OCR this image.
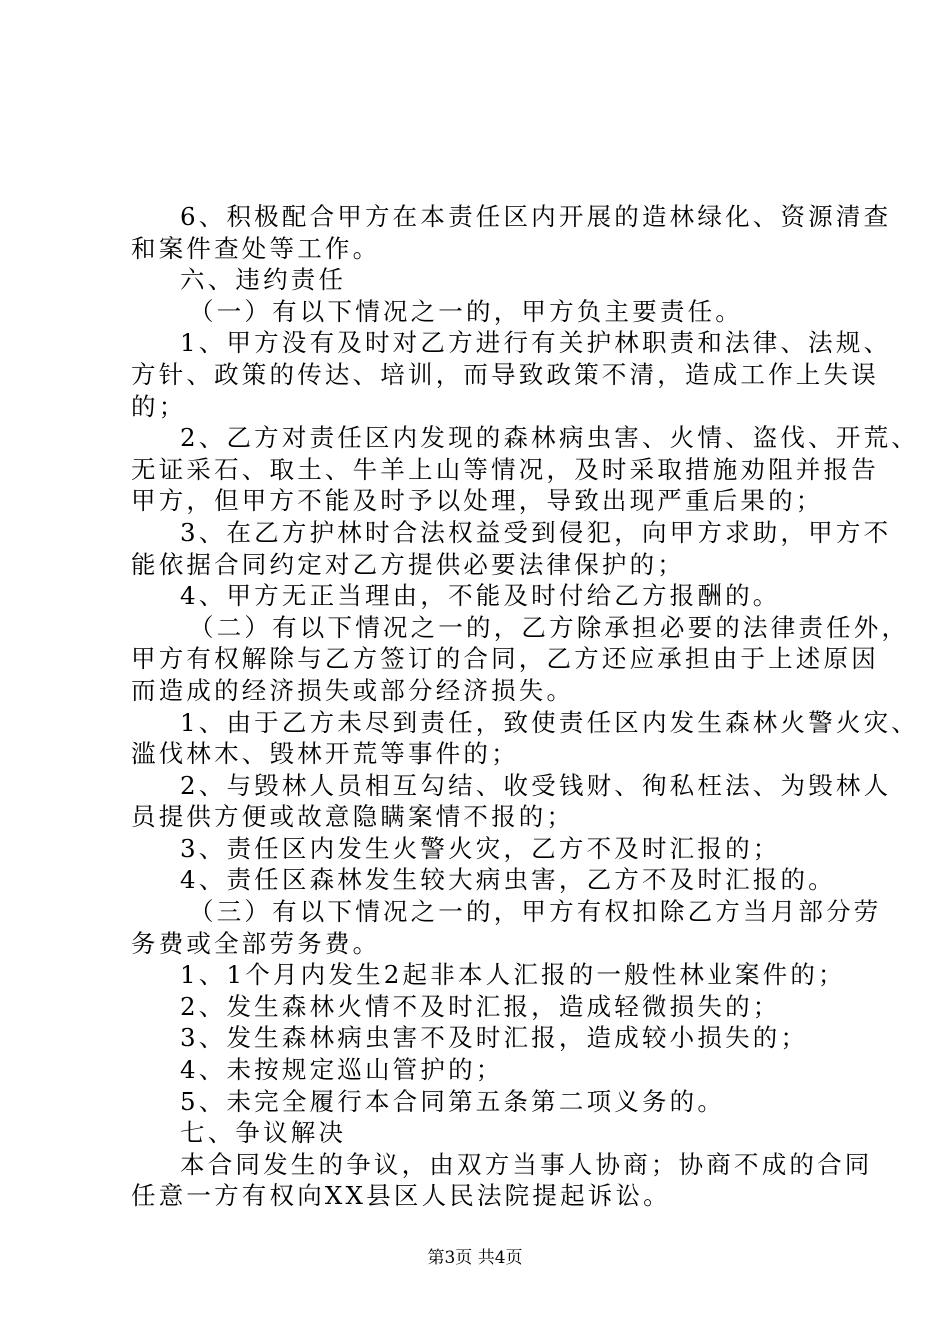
6、积极配合甲方在本责任区内开展的造林绿化、资源清查

和案件查处等工作。

六、违约责任

（一）有以下情况之一的，甲方负主要责任。

1、甲方没有及时对乙方进行有关护林职责和法律、法规、

方针、政策的传达、培训，而导致政策不清，造成工作上失误

的；

2、乙方对责任区内发现的森林病虫害、火情、盗伐、开荒、

无证采石、取土、牛羊上山等情况，及时采取措施劝阻并报告

甲方，但甲方不能及时予以处理，导致出现严重后果的；

3、在乙方护林时合法权益受到侵犯，向甲方求助，甲方不

能依据合同约定对乙方提供必要法律保护的；

4、甲方无正当理由，不能及时付给乙方报酬的。

（二）有以下情况之一的，乙方除承担必要的法律责任外，

甲方有权解除与乙方签订的合同，乙方还应承担由于上述原因

而造成的经济损失或部分经济损失。

1、由于乙方未尽到责任，致使责任区内发生森林火警火灾、

滥伐林木、毁林开荒等事件的；

2、与毁林人员相互勾结、收受钱财、徇私枉法、为毁林人

员提供方便或故意隐瞒案情不报的；

3、责任区内发生火警火灾，乙方不及时汇报的；

4、责任区森林发生较大病虫害，乙方不及时汇报的。

（三）有以下情况之一的，甲方有权扣除乙方当月部分劳

务费或全部劳务费。

1、1个月内发生2起非本人汇报的一般性林业案件的；

2、发生森林火情不及时汇报，造成轻微损失的；

3、发生森林病虫害不及时汇报，造成较小损失的；

4、未按规定巡山管护的；

5、未完全履行本合同第五条第二项义务的。

七、争议解决

本合同发生的争议，由双方当事人协商；协商不成的合同

任意一方有权向XX县区人民法院提起诉讼。

第3页 共4页
